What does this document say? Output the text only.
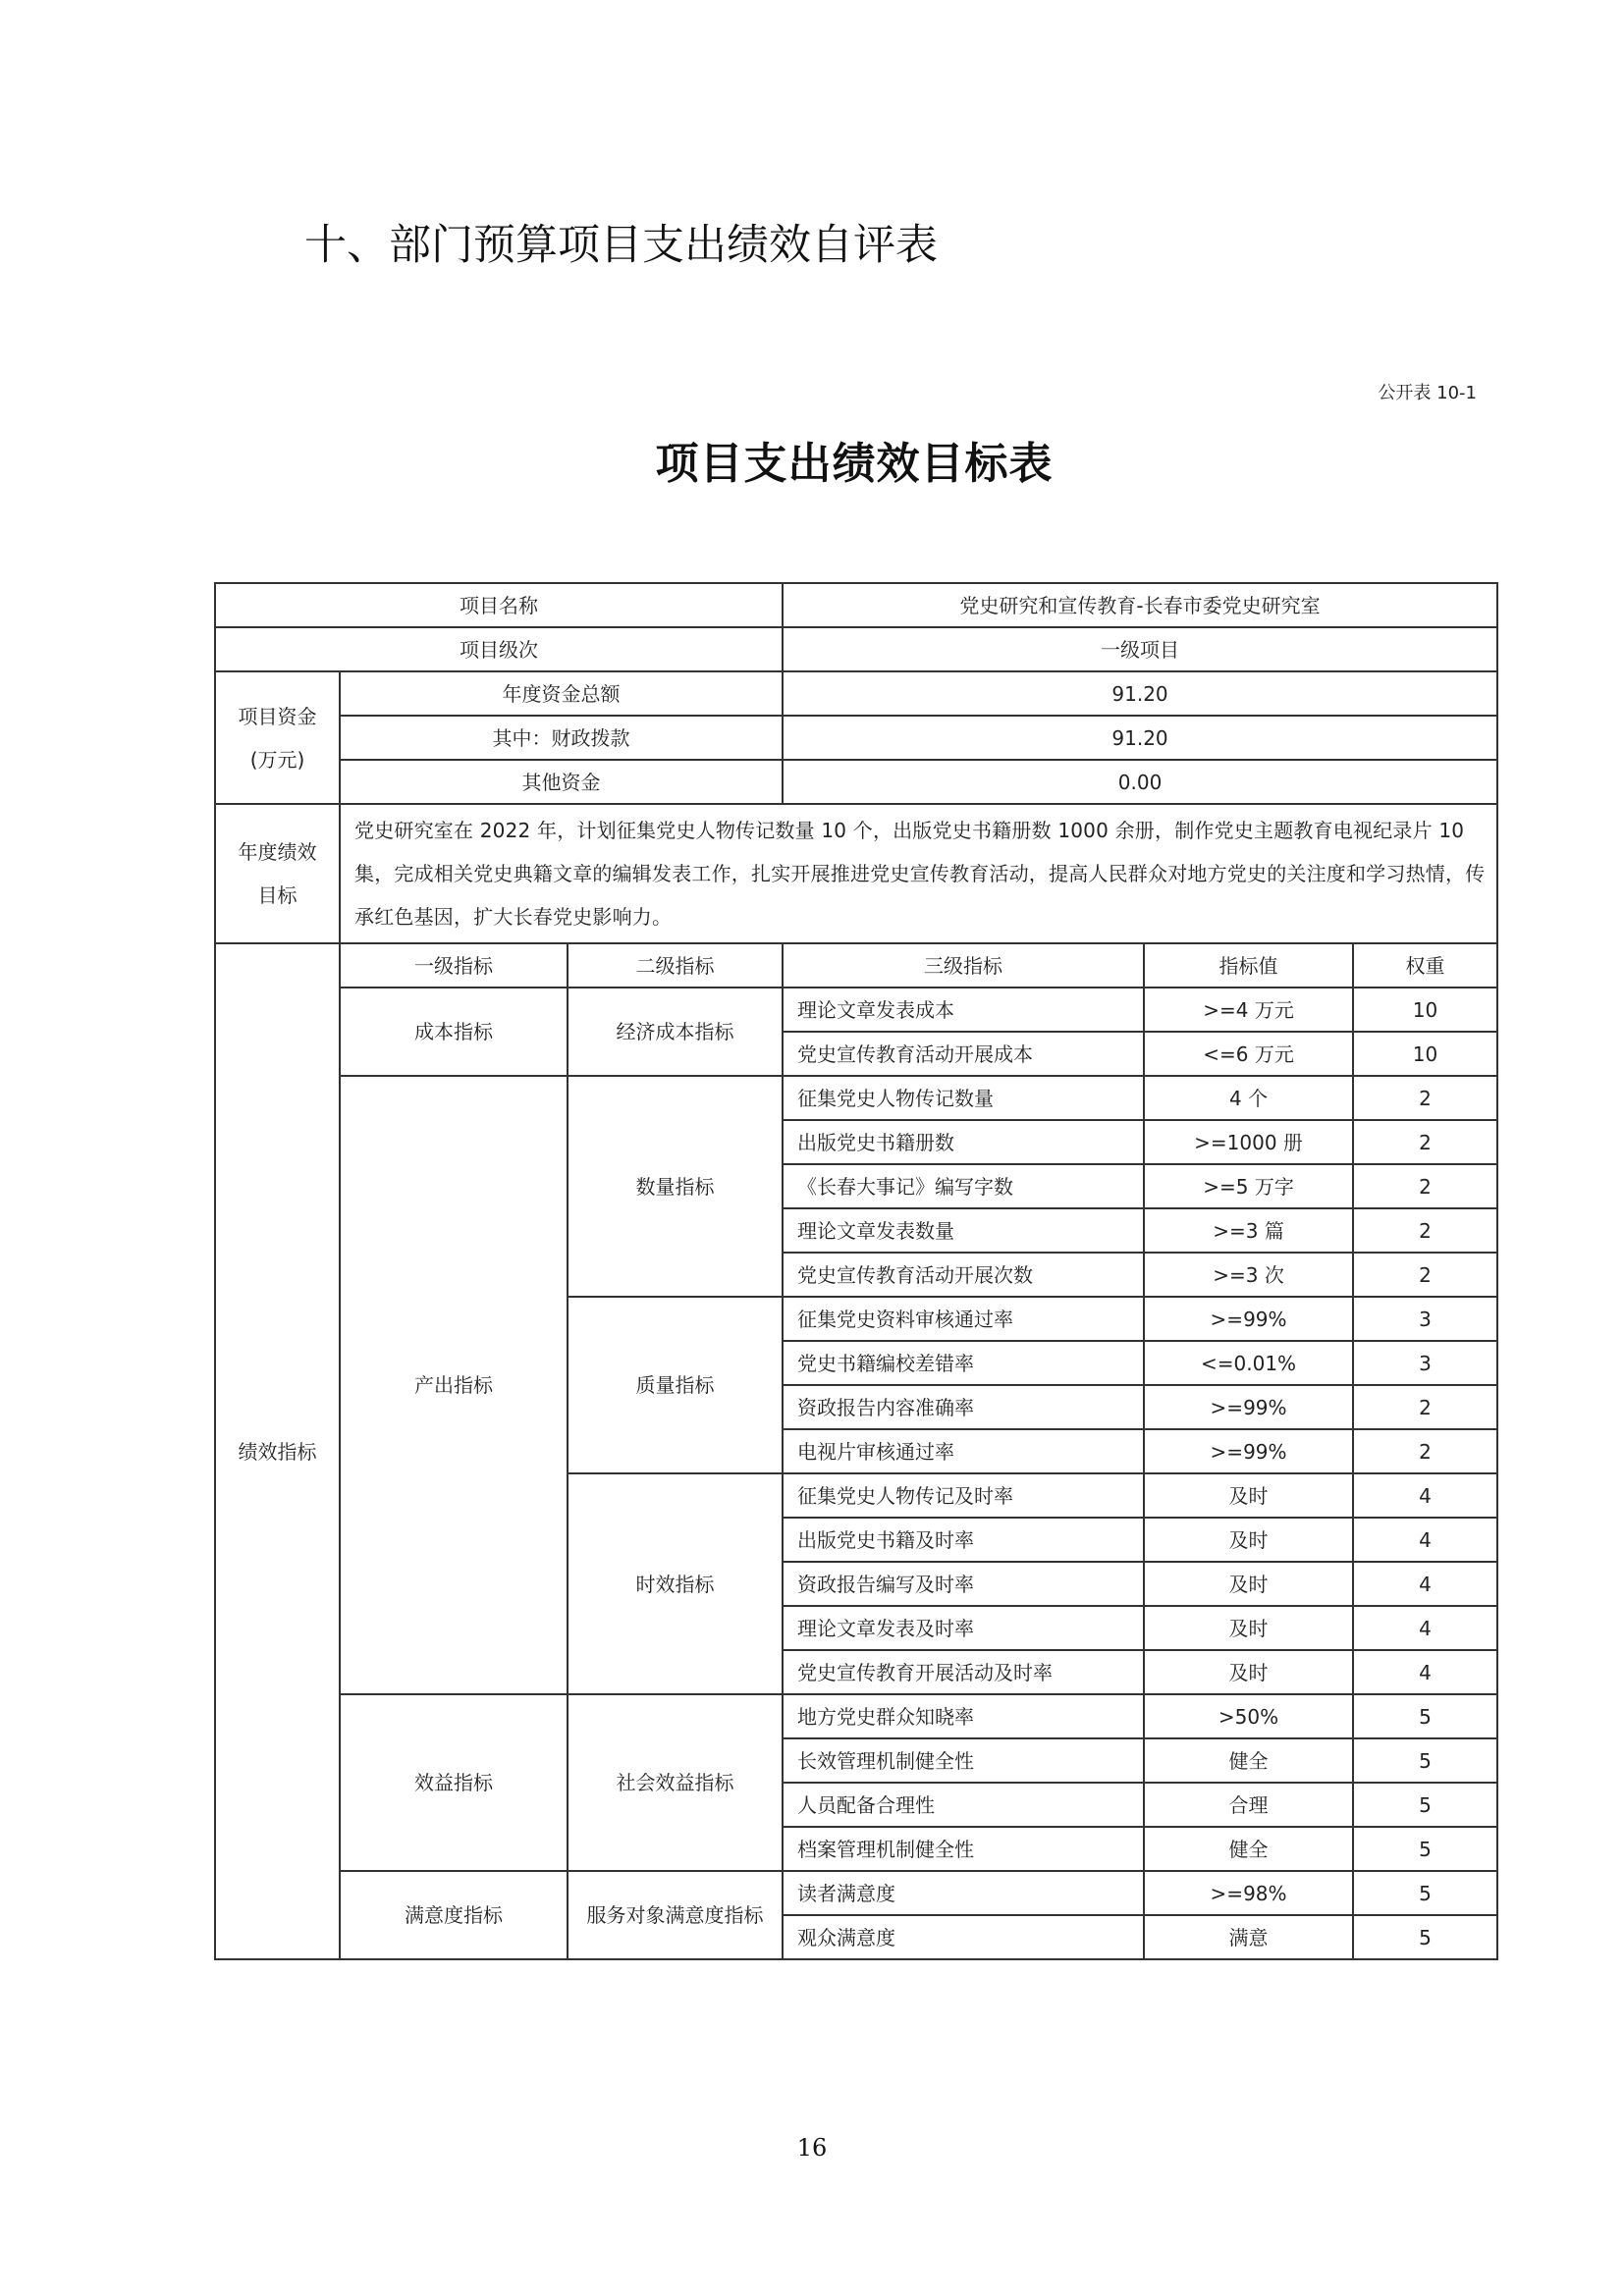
十、部门预算项目支出绩效自评表
公开表 10-1
项目支出绩效目标表
项目名称			党史研究和宣传教育-长春市委党史研究室		
项目级次			一级项目		

项目资金
(万元)	年度资金总额		91.20		
	其中：财政拨款		91.20		
	其他资金		0.00		

年度绩效
目标	党史研究室在 2022 年，计划征集党史人物传记数量 10 个，出版党史书籍册数 1000 余册，制作党史主题教育电视纪录片 10 集，完成相关党史典籍文章的编辑发表工作，扎实开展推进党史宣传教育活动，提高人民群众对地方党史的关注度和学习热情，传承红色基因，扩大长春党史影响力。				
绩效指标	一级指标	二级指标	三级指标	指标值	权重
	成本指标	经济成本指标	理论文章发表成本	>=4 万元	10
			党史宣传教育活动开展成本	<=6 万元	10
	产出指标	数量指标	征集党史人物传记数量	4 个	2
			出版党史书籍册数	>=1000 册	2
			《长春大事记》编写字数	>=5 万字	2
			理论文章发表数量	>=3 篇	2
			党史宣传教育活动开展次数	>=3 次	2
		质量指标	征集党史资料审核通过率	>=99%	3
			党史书籍编校差错率	<=0.01%	3
			资政报告内容准确率	>=99%	2
			电视片审核通过率	>=99%	2
		时效指标	征集党史人物传记及时率	及时	4
			出版党史书籍及时率	及时	4
			资政报告编写及时率	及时	4
			理论文章发表及时率	及时	4
			党史宣传教育开展活动及时率	及时	4
	效益指标	社会效益指标	地方党史群众知晓率	>50%	5
			长效管理机制健全性	健全	5
			人员配备合理性	合理	5
			档案管理机制健全性	健全	5
	满意度指标	服务对象满意度指标	读者满意度	>=98%	5
			观众满意度	满意	5
16
